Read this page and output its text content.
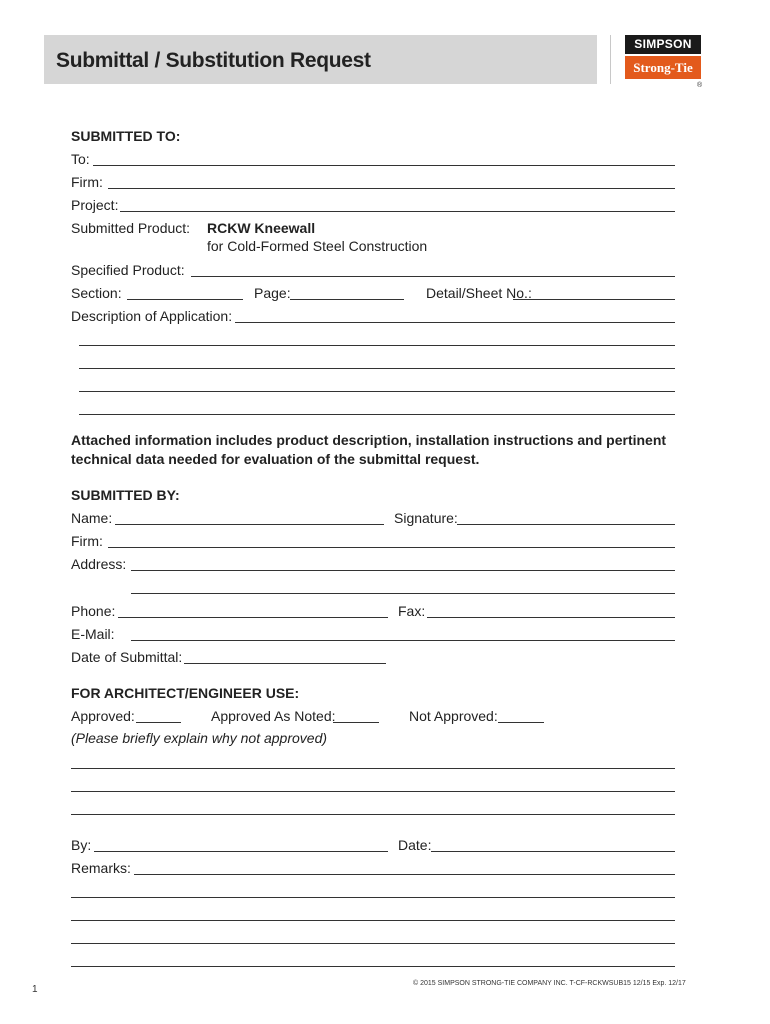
Submittal / Substitution Request
SIMPSON
Strong-Tie
®
SUBMITTED TO:
To:
Firm:
Project:
Submitted Product: RCKW Kneewall
for Cold-Formed Steel Construction
Specified Product:
Section:	Page:	Detail/Sheet No.:
Description of Application:
Attached information includes product description, installation instructions and pertinent
technical data needed for evaluation of the submittal request.
SUBMITTED BY:
Name:	Signature:
Firm:
Address:
Phone:	Fax:
E-Mail:
Date of Submittal:
FOR ARCHITECT/ENGINEER USE:
Approved:	Approved As Noted:	Not Approved:
(Please briefly explain why not approved)
By:	Date:
Remarks:
© 2015 SIMPSON STRONG-TIE COMPANY INC. T-CF-RCKWSUB15 12/15 Exp. 12/17
1
